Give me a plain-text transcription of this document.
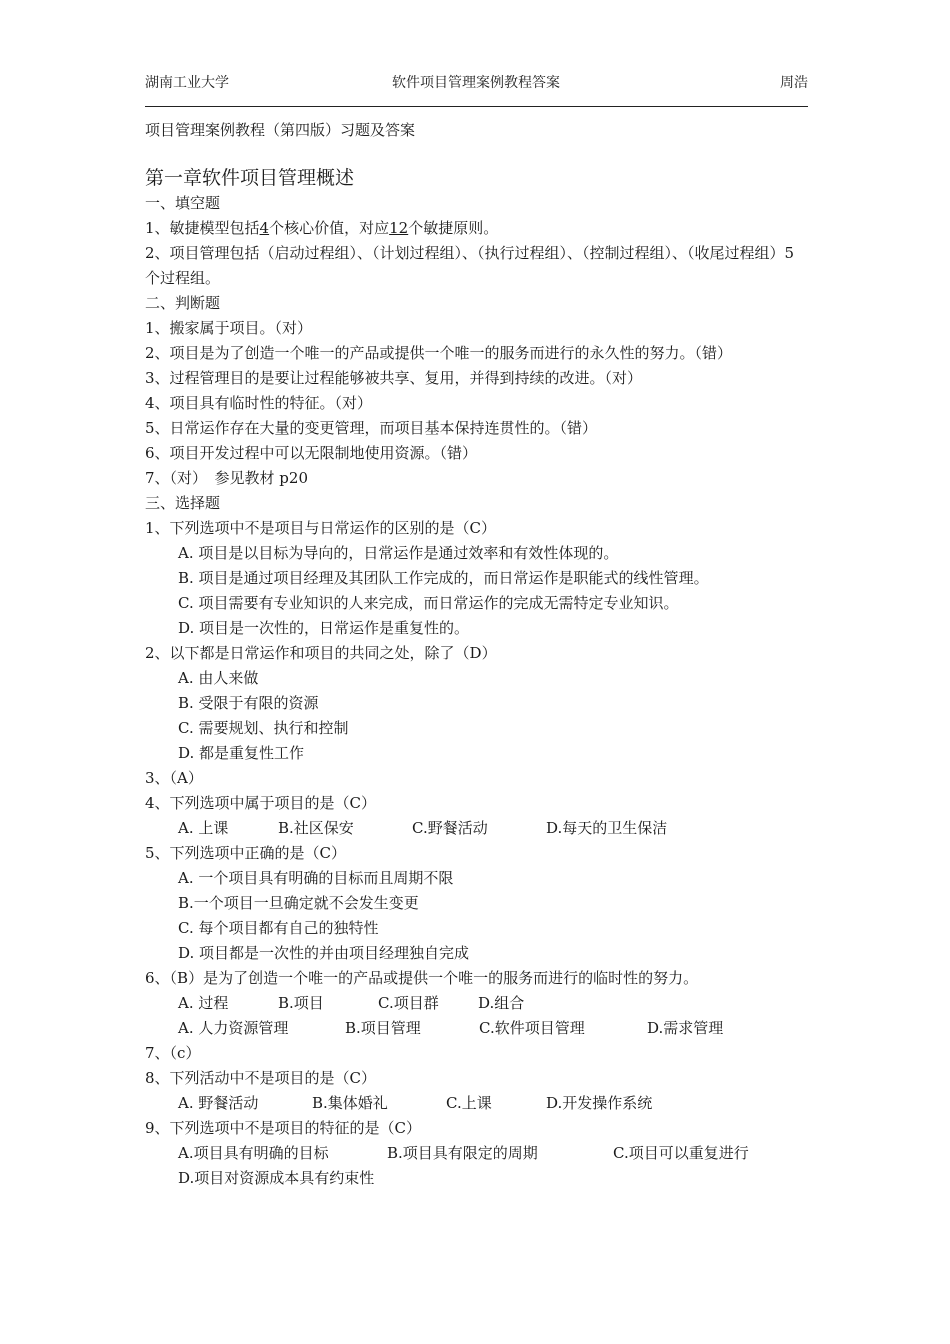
湖南工业大学	软件项目管理案例教程答案	周浩
项目管理案例教程（第四版）习题及答案
第一章软件项目管理概述
一、填空题
1、敏捷模型包括4个核心价值，对应12个敏捷原则。
2、项目管理包括（启动过程组）、（计划过程组）、（执行过程组）、（控制过程组）、（收尾过程组）5 个过程组。
二、判断题
1、搬家属于项目。（对）
2、项目是为了创造一个唯一的产品或提供一个唯一的服务而进行的永久性的努力。（错）
3、过程管理目的是要让过程能够被共享、复用，并得到持续的改进。（对）
4、项目具有临时性的特征。（对）
5、日常运作存在大量的变更管理，而项目基本保持连贯性的。（错）
6、项目开发过程中可以无限制地使用资源。（错）
7、（对）　参见教材 p20
三、选择题
1、下列选项中不是项目与日常运作的区别的是（C）
A. 项目是以目标为导向的，日常运作是通过效率和有效性体现的。
B. 项目是通过项目经理及其团队工作完成的，而日常运作是职能式的线性管理。
C. 项目需要有专业知识的人来完成，而日常运作的完成无需特定专业知识。
D. 项目是一次性的，日常运作是重复性的。
2、以下都是日常运作和项目的共同之处，除了（D）
A. 由人来做
B. 受限于有限的资源
C. 需要规划、执行和控制
D. 都是重复性工作
3、（A）
4、下列选项中属于项目的是（C）
A. 上课	B.社区保安	C.野餐活动	D.每天的卫生保洁
5、下列选项中正确的是（C）
A. 一个项目具有明确的目标而且周期不限
B.一个项目一旦确定就不会发生变更
C. 每个项目都有自己的独特性
D. 项目都是一次性的并由项目经理独自完成
6、（B）是为了创造一个唯一的产品或提供一个唯一的服务而进行的临时性的努力。
A. 过程	B.项目	C.项目群	D.组合
A. 人力资源管理	B.项目管理	C.软件项目管理	D.需求管理
7、（c）
8、下列活动中不是项目的是（C）
A. 野餐活动	B.集体婚礼	C.上课	D.开发操作系统
9、下列选项中不是项目的特征的是（C）
A.项目具有明确的目标	B.项目具有限定的周期	C.项目可以重复进行
D.项目对资源成本具有约束性
